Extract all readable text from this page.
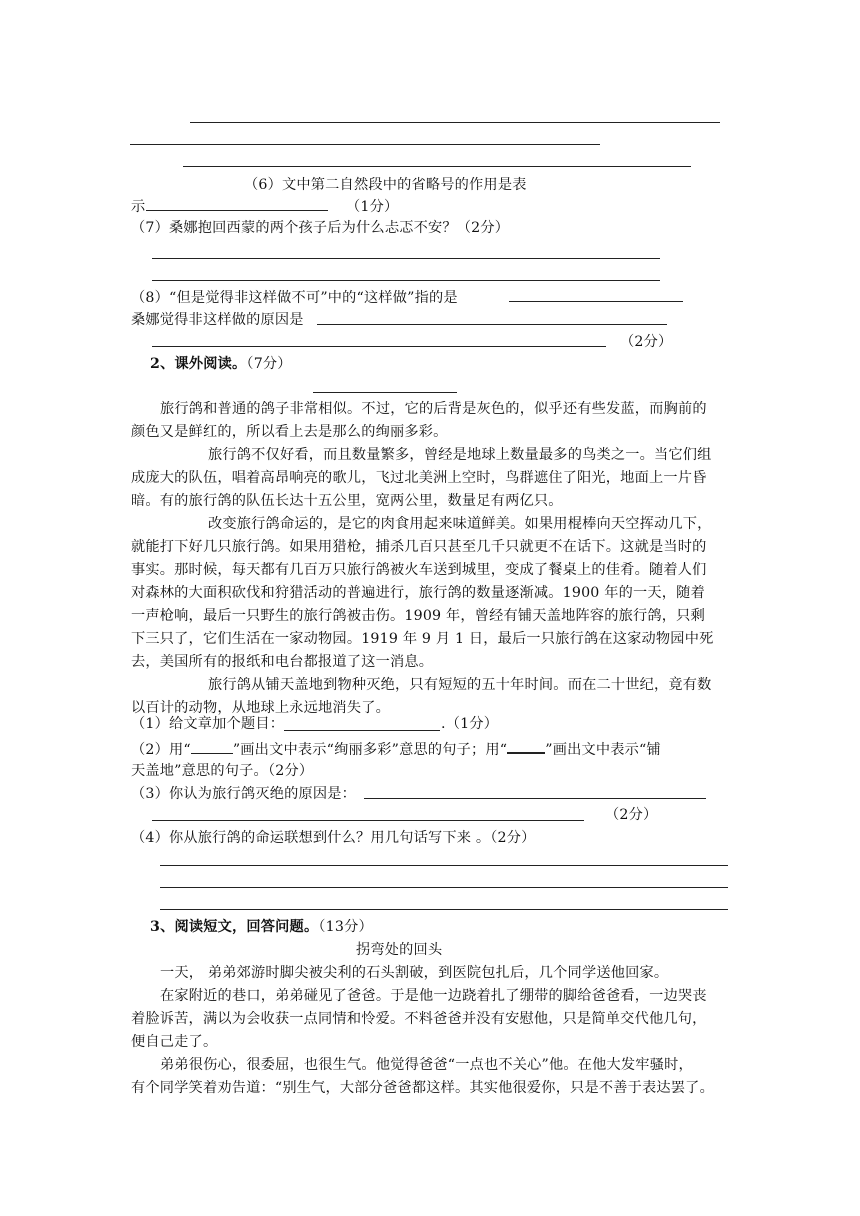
（6）文中第二自然段中的省略号的作用是表
示	（1分）
（7）桑娜抱回西蒙的两个孩子后为什么忐忑不安？（2分）
（8）“但是觉得非这样做不可”中的“这样做”指的是
桑娜觉得非这样做的原因是
（2分）
2、课外阅读。（7分）
旅行鸽和普通的鸽子非常相似。不过，它的后背是灰色的，似乎还有些发蓝，而胸前的
颜色又是鲜红的，所以看上去是那么的绚丽多彩。
旅行鸽不仅好看，而且数量繁多，曾经是地球上数量最多的鸟类之一。当它们组
成庞大的队伍，唱着高昂响亮的歌儿，飞过北美洲上空时，鸟群遮住了阳光，地面上一片昏
暗。有的旅行鸽的队伍长达十五公里，宽两公里，数量足有两亿只。
改变旅行鸽命运的，是它的肉食用起来味道鲜美。如果用棍棒向天空挥动几下，
就能打下好几只旅行鸽。如果用猎枪，捕杀几百只甚至几千只就更不在话下。这就是当时的
事实。那时候，每天都有几百万只旅行鸽被火车送到城里，变成了餐桌上的佳肴。随着人们
对森林的大面积砍伐和狩猎活动的普遍进行，旅行鸽的数量逐渐减。1900 年的一天，随着
一声枪响，最后一只野生的旅行鸽被击伤。1909 年，曾经有铺天盖地阵容的旅行鸽，只剩
下三只了，它们生活在一家动物园。1919 年 9 月 1 日，最后一只旅行鸽在这家动物园中死
去，美国所有的报纸和电台都报道了这一消息。
旅行鸽从铺天盖地到物种灭绝，只有短短的五十年时间。而在二十世纪，竟有数
以百计的动物，从地球上永远地消失了。
（1）给文章加个题目：	.（1分）
（2）用“	”画出文中表示“绚丽多彩”意思的句子；用“	”画出文中表示“铺
天盖地”意思的句子。（2分）
（3）你认为旅行鸽灭绝的原因是：
（2分）
（4）你从旅行鸽的命运联想到什么？用几句话写下来 。（2分）
3、阅读短文，回答问题。（13分）
拐弯处的回头
一天， 弟弟郊游时脚尖被尖利的石头割破，到医院包扎后，几个同学送他回家。
在家附近的巷口，弟弟碰见了爸爸。于是他一边跷着扎了绷带的脚给爸爸看，一边哭丧
着脸诉苦，满以为会收获一点同情和怜爱。不料爸爸并没有安慰他，只是简单交代他几句，
便自己走了。
弟弟很伤心，很委屈，也很生气。他觉得爸爸“一点也不关心”他。在他大发牢骚时，
有个同学笑着劝告道：“别生气，大部分爸爸都这样。其实他很爱你，只是不善于表达罢了。
